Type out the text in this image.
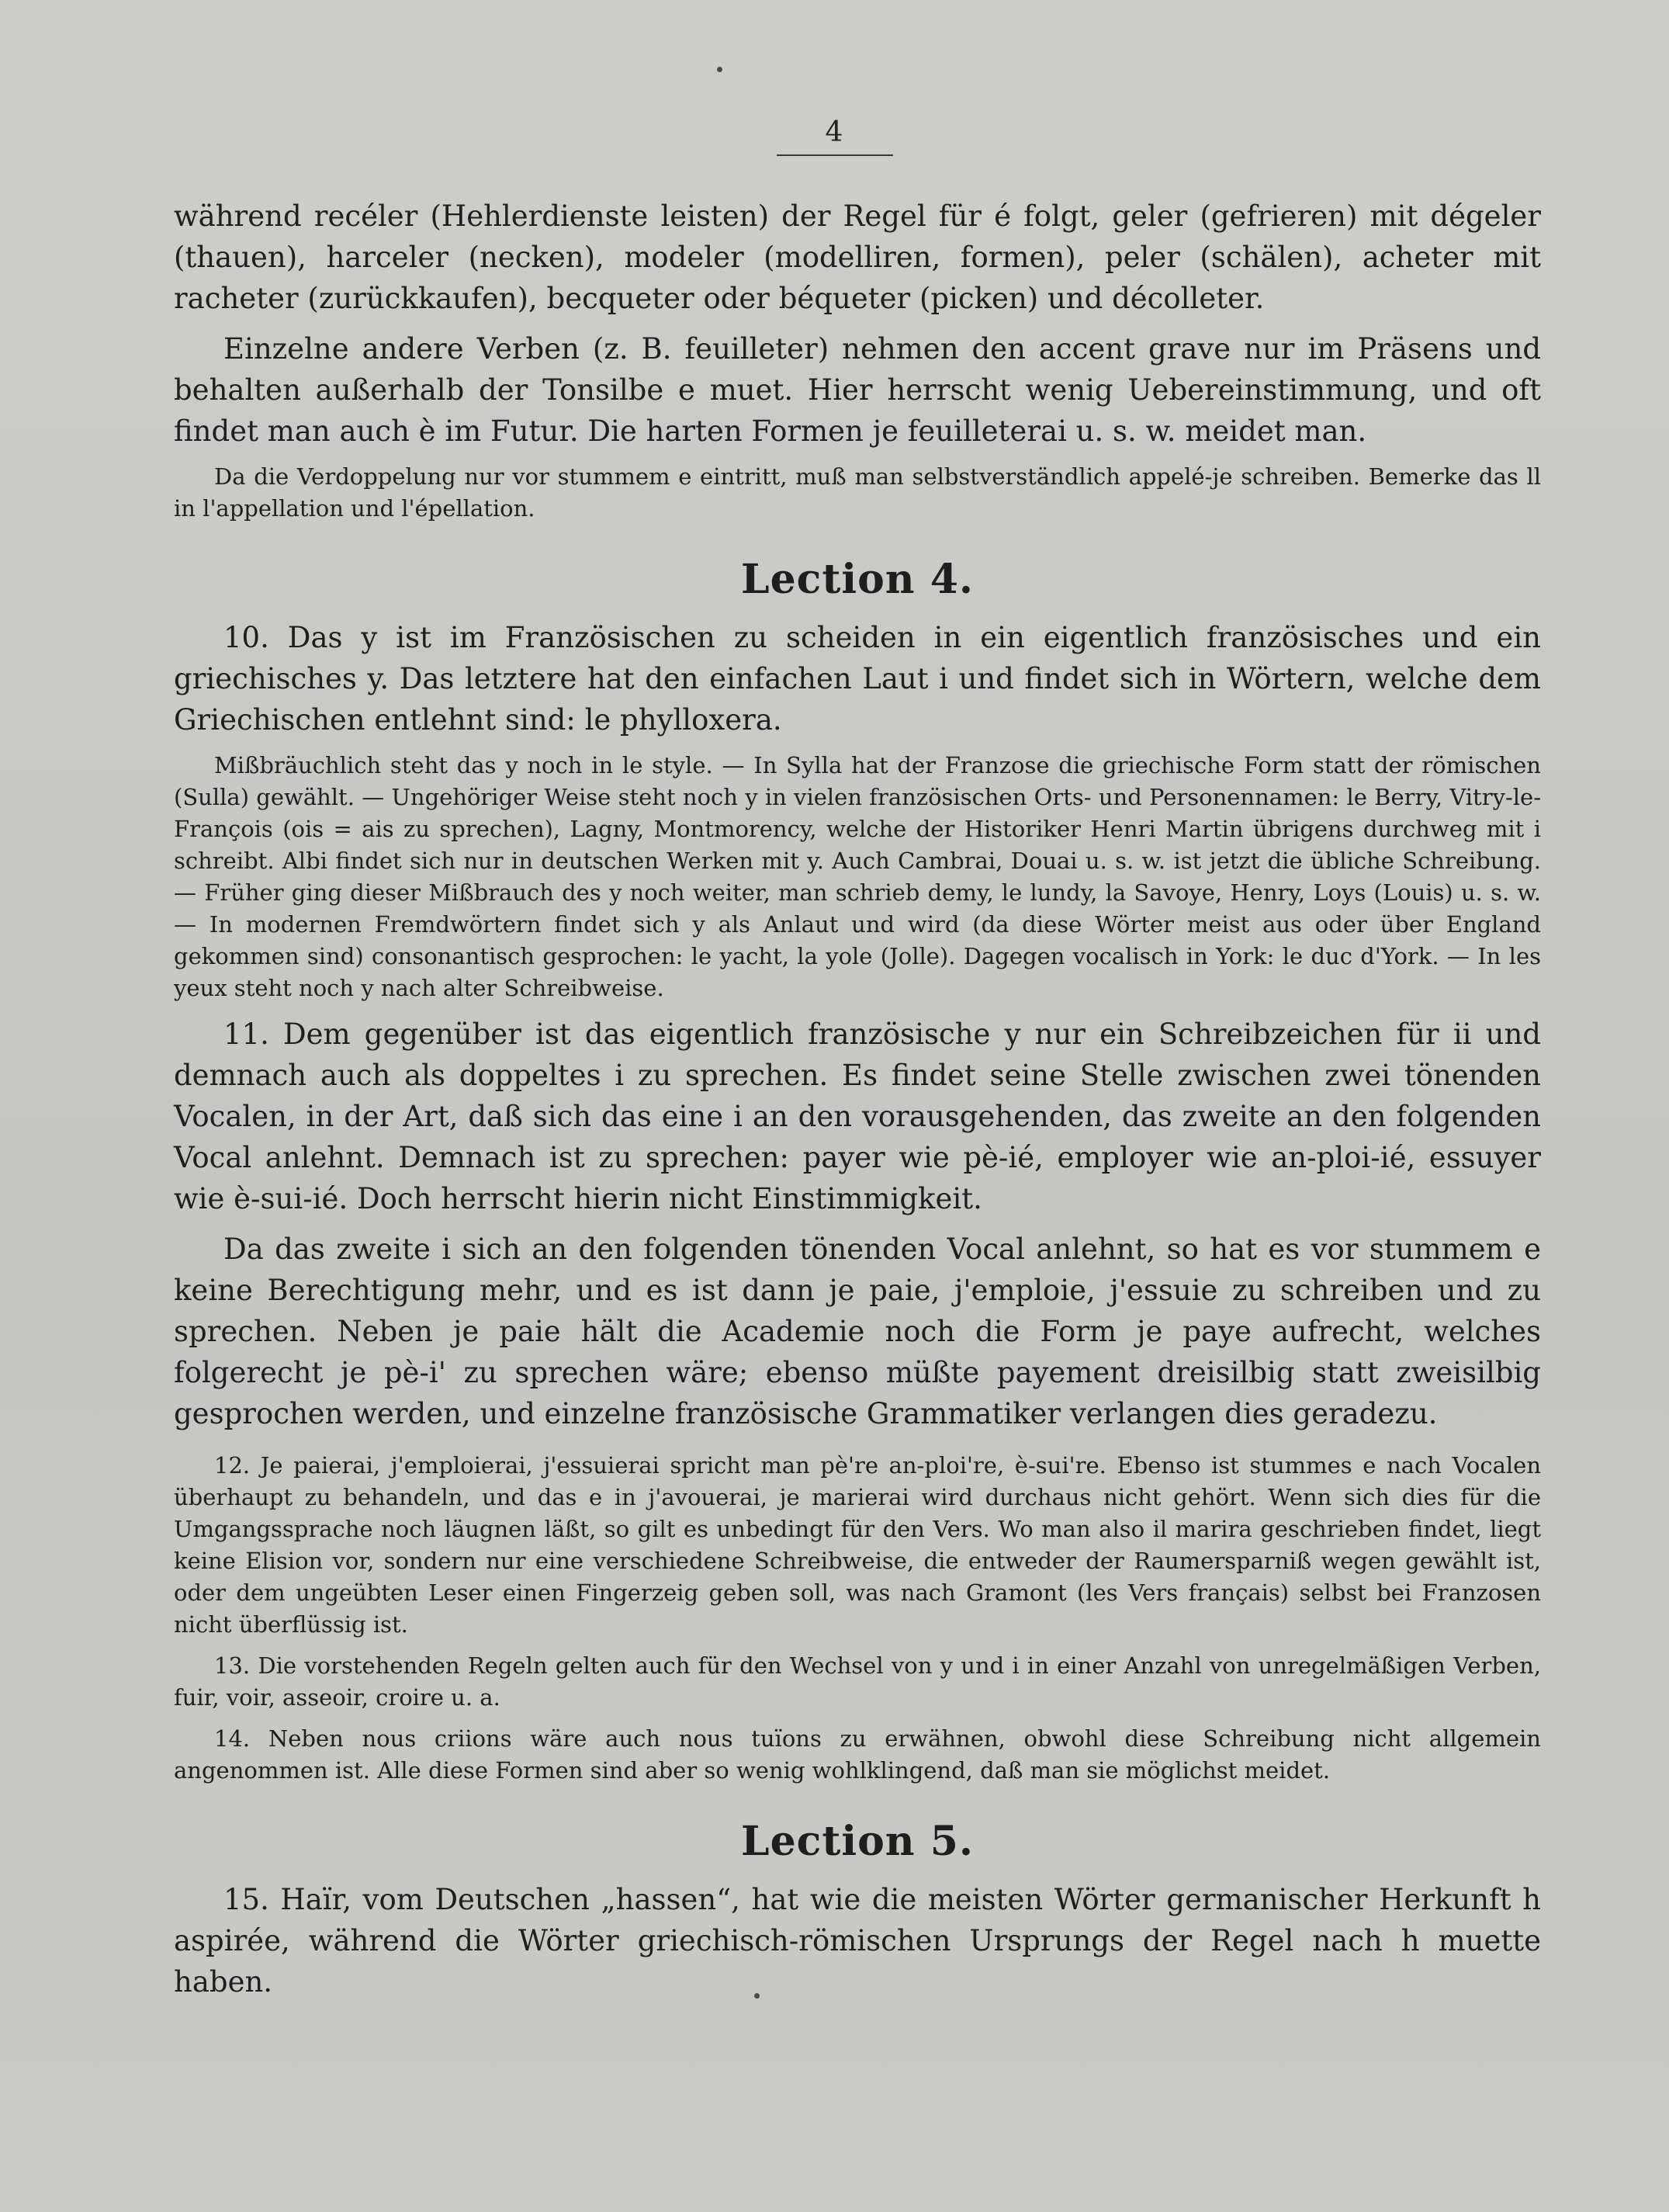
4

während recéler (Hehlerdienste leisten) der Regel für é folgt, geler (gefrieren) mit dégeler (thauen), harceler (necken), modeler (modelliren, formen), peler (schälen), acheter mit racheter (zurückkaufen), becqueter oder béqueter (picken) und décolleter.

Einzelne andere Verben (z. B. feuilleter) nehmen den accent grave nur im Präsens und behalten außerhalb der Tonsilbe e muet. Hier herrscht wenig Uebereinstimmung, und oft findet man auch è im Futur. Die harten Formen je feuilleterai u. s. w. meidet man.

Da die Verdoppelung nur vor stummem e eintritt, muß man selbstverständlich appelé-je schreiben. Bemerke das ll in l'appellation und l'épellation.

Lection 4.

10. Das y ist im Französischen zu scheiden in ein eigentlich französisches und ein griechisches y. Das letztere hat den einfachen Laut i und findet sich in Wörtern, welche dem Griechischen entlehnt sind: le phylloxera.

Mißbräuchlich steht das y noch in le style. — In Sylla hat der Franzose die griechische Form statt der römischen (Sulla) gewählt. — Ungehöriger Weise steht noch y in vielen französischen Orts- und Personennamen: le Berry, Vitry-le-François (ois = ais zu sprechen), Lagny, Montmorency, welche der Historiker Henri Martin übrigens durchweg mit i schreibt. Albi findet sich nur in deutschen Werken mit y. Auch Cambrai, Douai u. s. w. ist jetzt die übliche Schreibung. — Früher ging dieser Mißbrauch des y noch weiter, man schrieb demy, le lundy, la Savoye, Henry, Loys (Louis) u. s. w. — In modernen Fremdwörtern findet sich y als Anlaut und wird (da diese Wörter meist aus oder über England gekommen sind) consonantisch gesprochen: le yacht, la yole (Jolle). Dagegen vocalisch in York: le duc d'York. — In les yeux steht noch y nach alter Schreibweise.

11. Dem gegenüber ist das eigentlich französische y nur ein Schreibzeichen für ii und demnach auch als doppeltes i zu sprechen. Es findet seine Stelle zwischen zwei tönenden Vocalen, in der Art, daß sich das eine i an den vorausgehenden, das zweite an den folgenden Vocal anlehnt. Demnach ist zu sprechen: payer wie pè-ié, employer wie an-ploi-ié, essuyer wie è-sui-ié. Doch herrscht hierin nicht Einstimmigkeit.

Da das zweite i sich an den folgenden tönenden Vocal anlehnt, so hat es vor stummem e keine Berechtigung mehr, und es ist dann je paie, j'emploie, j'essuie zu schreiben und zu sprechen. Neben je paie hält die Academie noch die Form je paye aufrecht, welches folgerecht je pè-i' zu sprechen wäre; ebenso müßte payement dreisilbig statt zweisilbig gesprochen werden, und einzelne französische Grammatiker verlangen dies geradezu.

12. Je paierai, j'emploierai, j'essuierai spricht man pè're an-ploi're, è-sui're. Ebenso ist stummes e nach Vocalen überhaupt zu behandeln, und das e in j'avouerai, je marierai wird durchaus nicht gehört. Wenn sich dies für die Umgangssprache noch läugnen läßt, so gilt es unbedingt für den Vers. Wo man also il marira geschrieben findet, liegt keine Elision vor, sondern nur eine verschiedene Schreibweise, die entweder der Raumersparniß wegen gewählt ist, oder dem ungeübten Leser einen Fingerzeig geben soll, was nach Gramont (les Vers français) selbst bei Franzosen nicht überflüssig ist.

13. Die vorstehenden Regeln gelten auch für den Wechsel von y und i in einer Anzahl von unregelmäßigen Verben, fuir, voir, asseoir, croire u. a.

14. Neben nous criions wäre auch nous tuïons zu erwähnen, obwohl diese Schreibung nicht allgemein angenommen ist. Alle diese Formen sind aber so wenig wohlklingend, daß man sie möglichst meidet.

Lection 5.

15. Haïr, vom Deutschen „hassen“, hat wie die meisten Wörter germanischer Herkunft h aspirée, während die Wörter griechisch-römischen Ursprungs der Regel nach h muette haben.
